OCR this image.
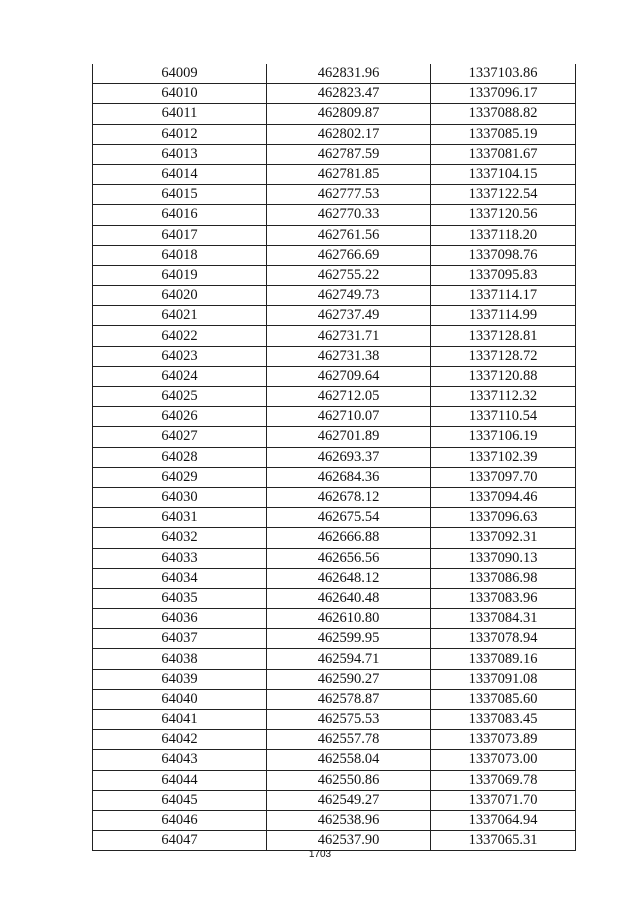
64009	462831.96	1337103.86
64010	462823.47	1337096.17
64011	462809.87	1337088.82
64012	462802.17	1337085.19
64013	462787.59	1337081.67
64014	462781.85	1337104.15
64015	462777.53	1337122.54
64016	462770.33	1337120.56
64017	462761.56	1337118.20
64018	462766.69	1337098.76
64019	462755.22	1337095.83
64020	462749.73	1337114.17
64021	462737.49	1337114.99
64022	462731.71	1337128.81
64023	462731.38	1337128.72
64024	462709.64	1337120.88
64025	462712.05	1337112.32
64026	462710.07	1337110.54
64027	462701.89	1337106.19
64028	462693.37	1337102.39
64029	462684.36	1337097.70
64030	462678.12	1337094.46
64031	462675.54	1337096.63
64032	462666.88	1337092.31
64033	462656.56	1337090.13
64034	462648.12	1337086.98
64035	462640.48	1337083.96
64036	462610.80	1337084.31
64037	462599.95	1337078.94
64038	462594.71	1337089.16
64039	462590.27	1337091.08
64040	462578.87	1337085.60
64041	462575.53	1337083.45
64042	462557.78	1337073.89
64043	462558.04	1337073.00
64044	462550.86	1337069.78
64045	462549.27	1337071.70
64046	462538.96	1337064.94
64047	462537.90	1337065.31
1703
